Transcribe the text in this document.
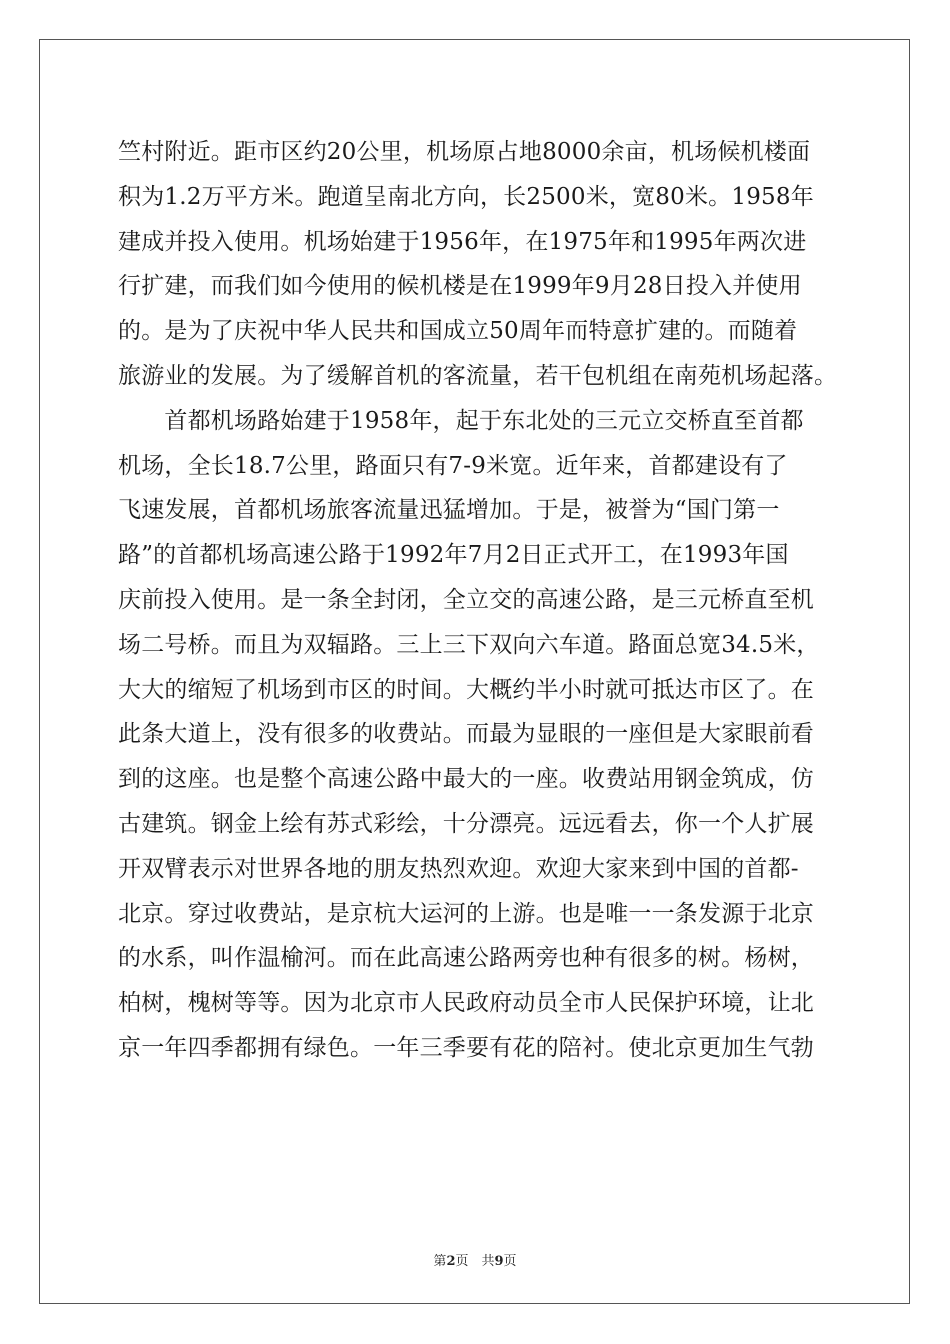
竺村附近。距市区约20公里，机场原占地8000余亩，机场候机楼面
积为1.2万平方米。跑道呈南北方向，长2500米，宽80米。1958年
建成并投入使用。机场始建于1956年，在1975年和1995年两次进
行扩建，而我们如今使用的候机楼是在1999年9月28日投入并使用
的。是为了庆祝中华人民共和国成立50周年而特意扩建的。而随着
旅游业的发展。为了缓解首机的客流量，若干包机组在南苑机场起落。
　　首都机场路始建于1958年，起于东北处的三元立交桥直至首都
机场，全长18.7公里，路面只有7-9米宽。近年来，首都建设有了
飞速发展，首都机场旅客流量迅猛增加。于是，被誉为“国门第一
路”的首都机场高速公路于1992年7月2日正式开工，在1993年国
庆前投入使用。是一条全封闭，全立交的高速公路，是三元桥直至机
场二号桥。而且为双辐路。三上三下双向六车道。路面总宽34.5米，
大大的缩短了机场到市区的时间。大概约半小时就可抵达市区了。在
此条大道上，没有很多的收费站。而最为显眼的一座但是大家眼前看
到的这座。也是整个高速公路中最大的一座。收费站用钢金筑成，仿
古建筑。钢金上绘有苏式彩绘，十分漂亮。远远看去，你一个人扩展
开双臂表示对世界各地的朋友热烈欢迎。欢迎大家来到中国的首都-
北京。穿过收费站，是京杭大运河的上游。也是唯一一条发源于北京
的水系，叫作温榆河。而在此高速公路两旁也种有很多的树。杨树，
柏树，槐树等等。因为北京市人民政府动员全市人民保护环境，让北
京一年四季都拥有绿色。一年三季要有花的陪衬。使北京更加生气勃
第2页　共9页
